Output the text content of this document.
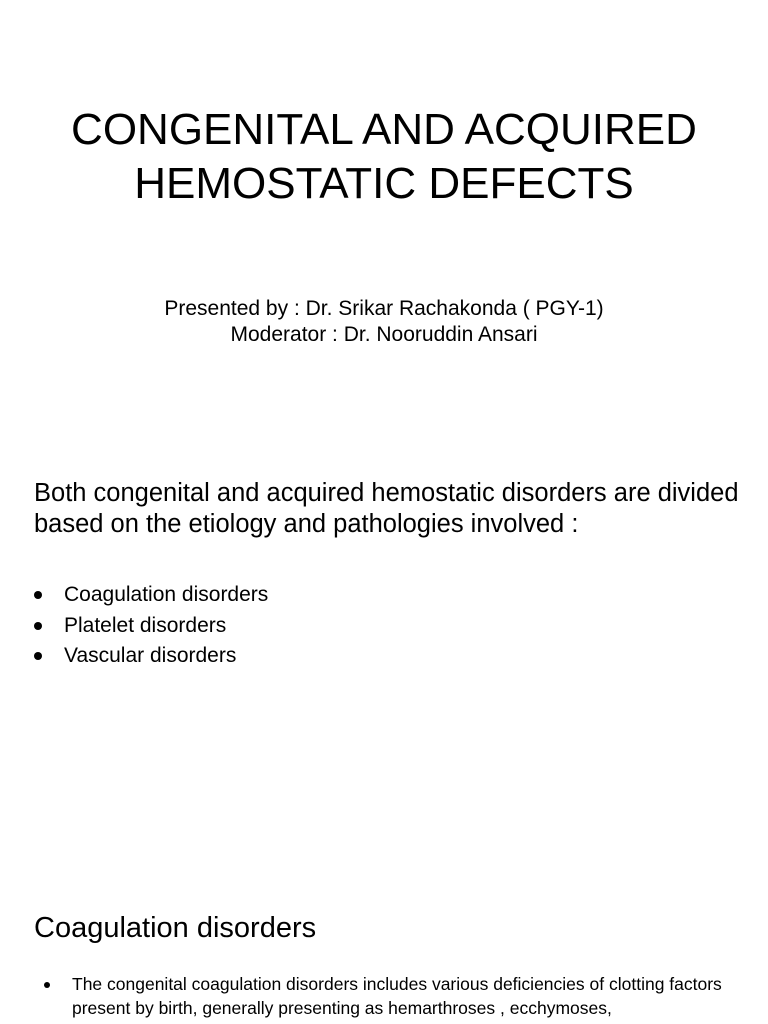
CONGENITAL AND ACQUIRED
HEMOSTATIC DEFECTS
Presented by : Dr. Srikar Rachakonda ( PGY-1)
Moderator : Dr. Nooruddin Ansari

Both congenital and acquired hemostatic disorders are divided based on the etiology and pathologies involved :

Coagulation disorders
Platelet disorders
Vascular disorders
Coagulation disorders
The congenital coagulation disorders includes various deficiencies of clotting factors present by birth, generally presenting as hemarthroses , ecchymoses,
